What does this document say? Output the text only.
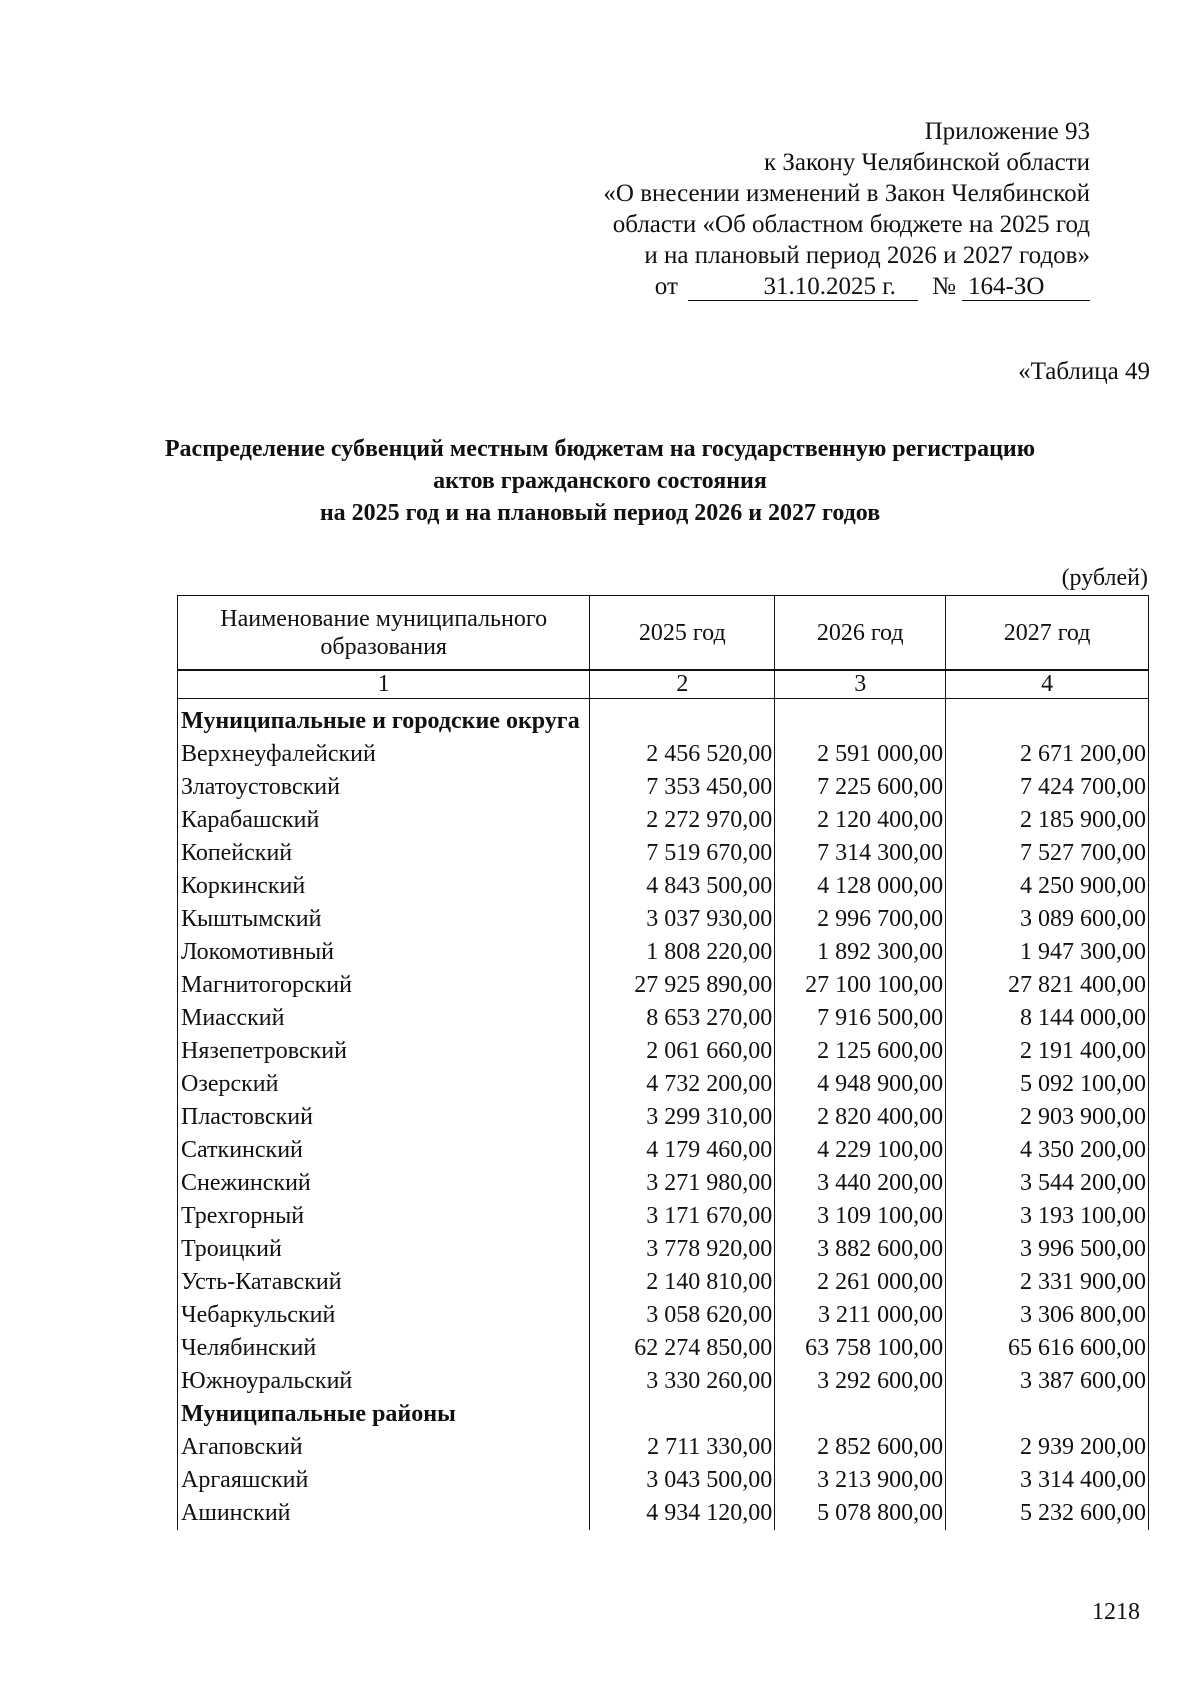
Приложение 93
к Закону Челябинской области
«О внесении изменений в Закон Челябинской
области «Об областном бюджете на 2025 год
и на плановый период 2026 и 2027 годов»
от	31.10.2025 г. № 164-ЗО
«Таблица 49
Распределение субвенций местным бюджетам на государственную регистрацию
актов гражданского состояния
на 2025 год и на плановый период 2026 и 2027 годов
(рублей)
Наименование муниципального образования	2025 год	2026 год	2027 год

1	2	3	4
Муниципальные и городские округа			
Верхнеуфалейский	2 456 520,00	2 591 000,00	2 671 200,00
Златоустовский	7 353 450,00	7 225 600,00	7 424 700,00
Карабашский	2 272 970,00	2 120 400,00	2 185 900,00
Копейский	7 519 670,00	7 314 300,00	7 527 700,00
Коркинский	4 843 500,00	4 128 000,00	4 250 900,00
Кыштымский	3 037 930,00	2 996 700,00	3 089 600,00
Локомотивный	1 808 220,00	1 892 300,00	1 947 300,00
Магнитогорский	27 925 890,00	27 100 100,00	27 821 400,00
Миасский	8 653 270,00	7 916 500,00	8 144 000,00
Нязепетровский	2 061 660,00	2 125 600,00	2 191 400,00
Озерский	4 732 200,00	4 948 900,00	5 092 100,00
Пластовский	3 299 310,00	2 820 400,00	2 903 900,00
Саткинский	4 179 460,00	4 229 100,00	4 350 200,00
Снежинский	3 271 980,00	3 440 200,00	3 544 200,00
Трехгорный	3 171 670,00	3 109 100,00	3 193 100,00
Троицкий	3 778 920,00	3 882 600,00	3 996 500,00
Усть-Катавский	2 140 810,00	2 261 000,00	2 331 900,00
Чебаркульский	3 058 620,00	3 211 000,00	3 306 800,00
Челябинский	62 274 850,00	63 758 100,00	65 616 600,00
Южноуральский	3 330 260,00	3 292 600,00	3 387 600,00
Муниципальные районы			
Агаповский	2 711 330,00	2 852 600,00	2 939 200,00
Аргаяшский	3 043 500,00	3 213 900,00	3 314 400,00
Ашинский	4 934 120,00	5 078 800,00	5 232 600,00
1218
